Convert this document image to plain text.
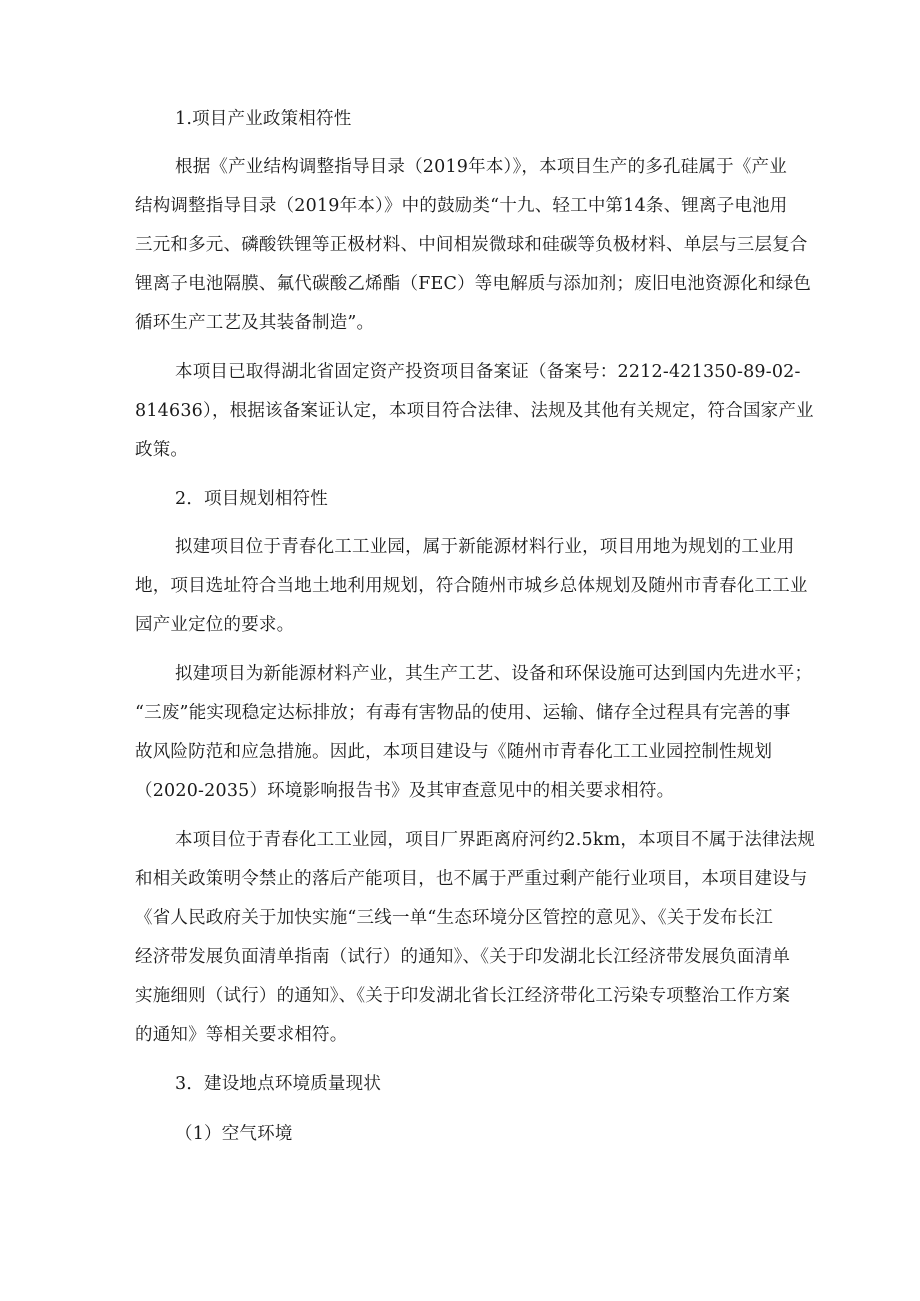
1.项目产业政策相符性
根据《产业结构调整指导目录（2019年本）》，本项目生产的多孔硅属于《产业
结构调整指导目录（2019年本）》中的鼓励类“十九、轻工中第14条、锂离子电池用
三元和多元、磷酸铁锂等正极材料、中间相炭微球和硅碳等负极材料、单层与三层复合
锂离子电池隔膜、氟代碳酸乙烯酯（FEC）等电解质与添加剂；废旧电池资源化和绿色
循环生产工艺及其装备制造”。
本项目已取得湖北省固定资产投资项目备案证（备案号：2212-421350-89-02-
814636），根据该备案证认定，本项目符合法律、法规及其他有关规定，符合国家产业
政策。
2．项目规划相符性
拟建项目位于青春化工工业园，属于新能源材料行业，项目用地为规划的工业用
地，项目选址符合当地土地利用规划，符合随州市城乡总体规划及随州市青春化工工业
园产业定位的要求。
拟建项目为新能源材料产业，其生产工艺、设备和环保设施可达到国内先进水平；
“三废”能实现稳定达标排放；有毒有害物品的使用、运输、储存全过程具有完善的事
故风险防范和应急措施。因此，本项目建设与《随州市青春化工工业园控制性规划
（2020-2035）环境影响报告书》及其审查意见中的相关要求相符。
本项目位于青春化工工业园，项目厂界距离府河约2.5km，本项目不属于法律法规
和相关政策明令禁止的落后产能项目，也不属于严重过剩产能行业项目，本项目建设与
《省人民政府关于加快实施“三线一单“生态环境分区管控的意见》、《关于发布长江
经济带发展负面清单指南（试行）的通知》、《关于印发湖北长江经济带发展负面清单
实施细则（试行）的通知》、《关于印发湖北省长江经济带化工污染专项整治工作方案
的通知》等相关要求相符。
3．建设地点环境质量现状
（1）空气环境
